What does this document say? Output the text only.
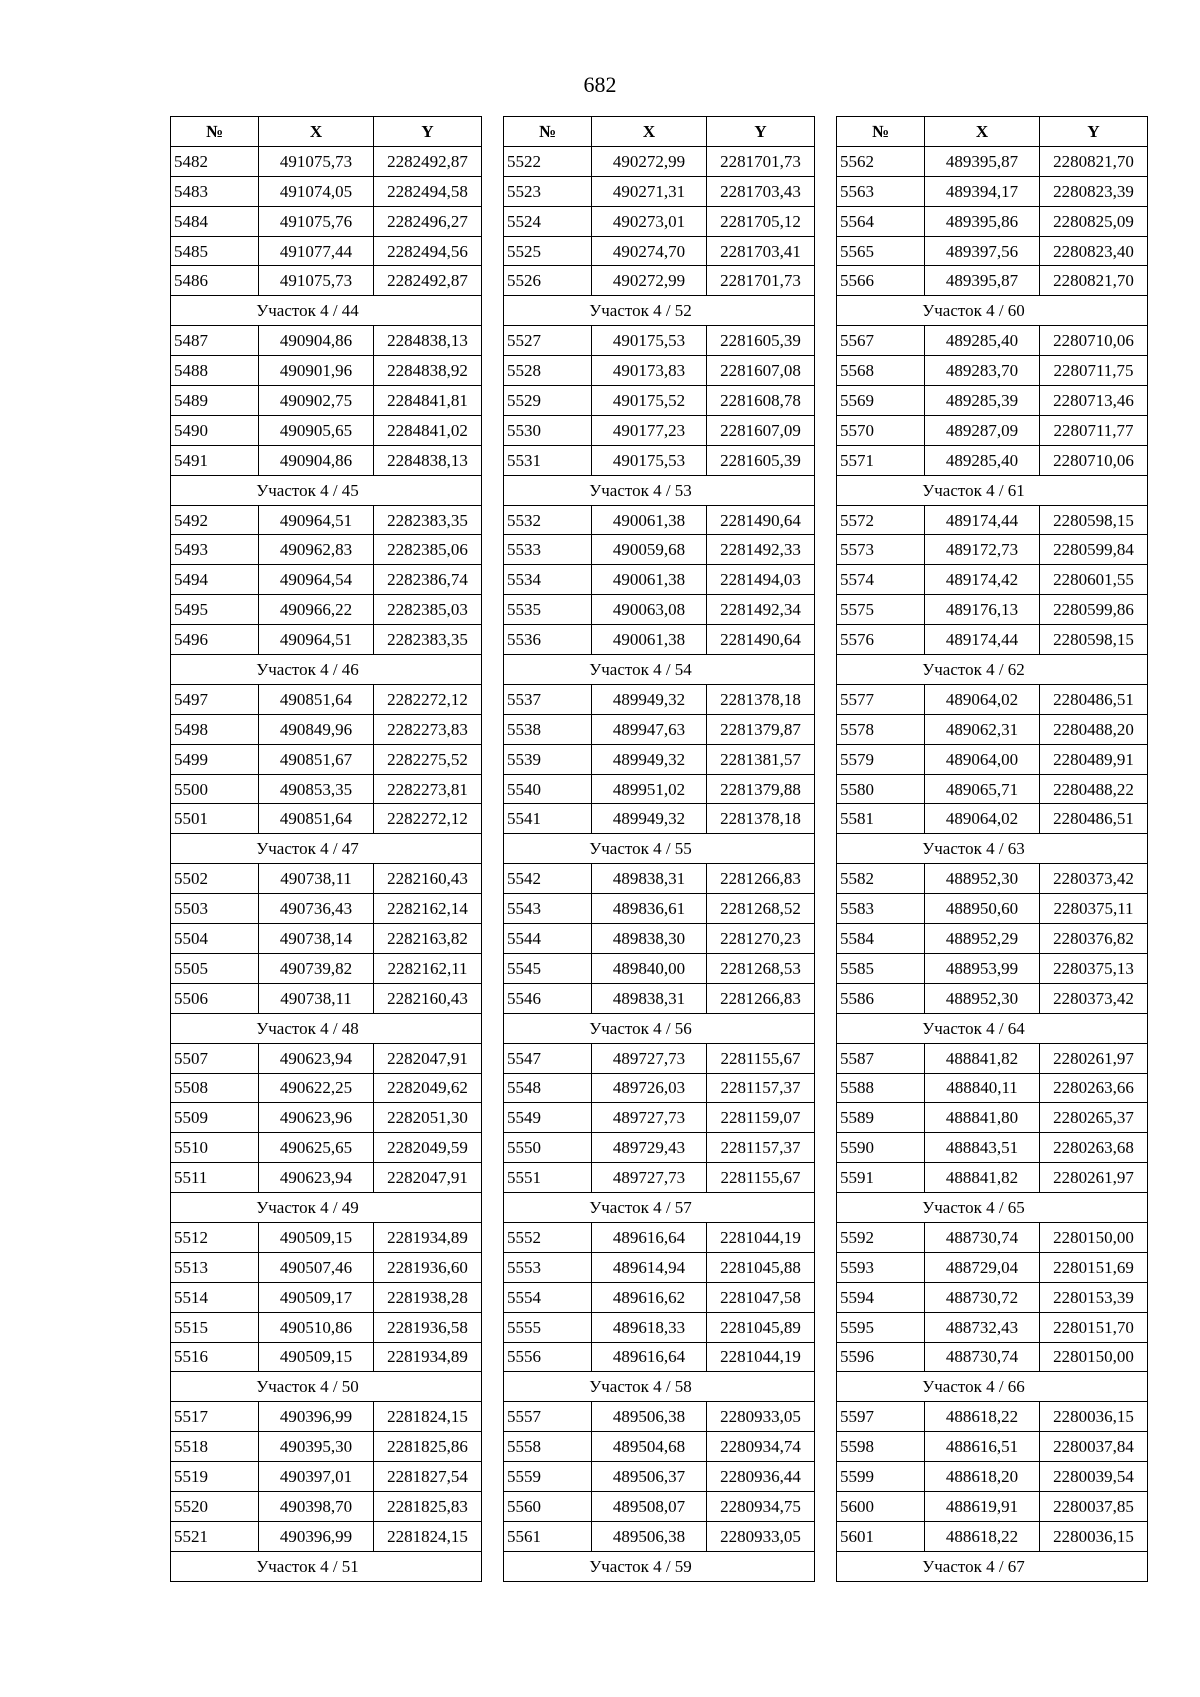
682
№	X	Y
5482	491075,73	2282492,87
5483	491074,05	2282494,58
5484	491075,76	2282496,27
5485	491077,44	2282494,56
5486	491075,73	2282492,87
Участок 4 / 44		
5487	490904,86	2284838,13
5488	490901,96	2284838,92
5489	490902,75	2284841,81
5490	490905,65	2284841,02
5491	490904,86	2284838,13
Участок 4 / 45		
5492	490964,51	2282383,35
5493	490962,83	2282385,06
5494	490964,54	2282386,74
5495	490966,22	2282385,03
5496	490964,51	2282383,35
Участок 4 / 46		
5497	490851,64	2282272,12
5498	490849,96	2282273,83
5499	490851,67	2282275,52
5500	490853,35	2282273,81
5501	490851,64	2282272,12
Участок 4 / 47		
5502	490738,11	2282160,43
5503	490736,43	2282162,14
5504	490738,14	2282163,82
5505	490739,82	2282162,11
5506	490738,11	2282160,43
Участок 4 / 48		
5507	490623,94	2282047,91
5508	490622,25	2282049,62
5509	490623,96	2282051,30
5510	490625,65	2282049,59
5511	490623,94	2282047,91
Участок 4 / 49		
5512	490509,15	2281934,89
5513	490507,46	2281936,60
5514	490509,17	2281938,28
5515	490510,86	2281936,58
5516	490509,15	2281934,89
Участок 4 / 50		
5517	490396,99	2281824,15
5518	490395,30	2281825,86
5519	490397,01	2281827,54
5520	490398,70	2281825,83
5521	490396,99	2281824,15
Участок 4 / 51		
№	X	Y
5522	490272,99	2281701,73
5523	490271,31	2281703,43
5524	490273,01	2281705,12
5525	490274,70	2281703,41
5526	490272,99	2281701,73
Участок 4 / 52		
5527	490175,53	2281605,39
5528	490173,83	2281607,08
5529	490175,52	2281608,78
5530	490177,23	2281607,09
5531	490175,53	2281605,39
Участок 4 / 53		
5532	490061,38	2281490,64
5533	490059,68	2281492,33
5534	490061,38	2281494,03
5535	490063,08	2281492,34
5536	490061,38	2281490,64
Участок 4 / 54		
5537	489949,32	2281378,18
5538	489947,63	2281379,87
5539	489949,32	2281381,57
5540	489951,02	2281379,88
5541	489949,32	2281378,18
Участок 4 / 55		
5542	489838,31	2281266,83
5543	489836,61	2281268,52
5544	489838,30	2281270,23
5545	489840,00	2281268,53
5546	489838,31	2281266,83
Участок 4 / 56		
5547	489727,73	2281155,67
5548	489726,03	2281157,37
5549	489727,73	2281159,07
5550	489729,43	2281157,37
5551	489727,73	2281155,67
Участок 4 / 57		
5552	489616,64	2281044,19
5553	489614,94	2281045,88
5554	489616,62	2281047,58
5555	489618,33	2281045,89
5556	489616,64	2281044,19
Участок 4 / 58		
5557	489506,38	2280933,05
5558	489504,68	2280934,74
5559	489506,37	2280936,44
5560	489508,07	2280934,75
5561	489506,38	2280933,05
Участок 4 / 59		
№	X	Y
5562	489395,87	2280821,70
5563	489394,17	2280823,39
5564	489395,86	2280825,09
5565	489397,56	2280823,40
5566	489395,87	2280821,70
Участок 4 / 60		
5567	489285,40	2280710,06
5568	489283,70	2280711,75
5569	489285,39	2280713,46
5570	489287,09	2280711,77
5571	489285,40	2280710,06
Участок 4 / 61		
5572	489174,44	2280598,15
5573	489172,73	2280599,84
5574	489174,42	2280601,55
5575	489176,13	2280599,86
5576	489174,44	2280598,15
Участок 4 / 62		
5577	489064,02	2280486,51
5578	489062,31	2280488,20
5579	489064,00	2280489,91
5580	489065,71	2280488,22
5581	489064,02	2280486,51
Участок 4 / 63		
5582	488952,30	2280373,42
5583	488950,60	2280375,11
5584	488952,29	2280376,82
5585	488953,99	2280375,13
5586	488952,30	2280373,42
Участок 4 / 64		
5587	488841,82	2280261,97
5588	488840,11	2280263,66
5589	488841,80	2280265,37
5590	488843,51	2280263,68
5591	488841,82	2280261,97
Участок 4 / 65		
5592	488730,74	2280150,00
5593	488729,04	2280151,69
5594	488730,72	2280153,39
5595	488732,43	2280151,70
5596	488730,74	2280150,00
Участок 4 / 66		
5597	488618,22	2280036,15
5598	488616,51	2280037,84
5599	488618,20	2280039,54
5600	488619,91	2280037,85
5601	488618,22	2280036,15
Участок 4 / 67		
